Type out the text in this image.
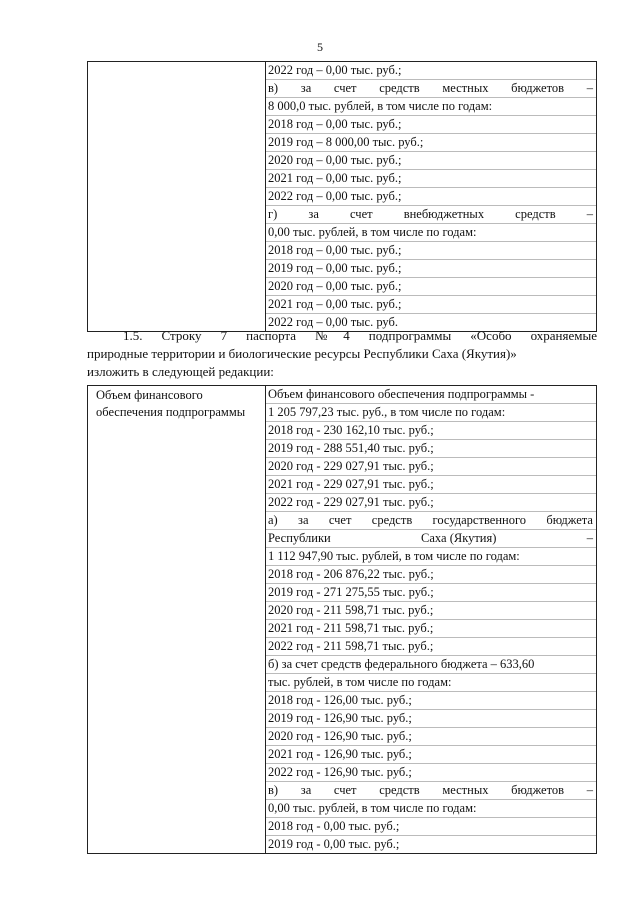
5

2022 год – 0,00 тыс. руб.;
в) за счет средств местных бюджетов –
8 000,0 тыс. рублей, в том числе по годам:
2018 год – 0,00 тыс. руб.;
2019 год – 8 000,00 тыс. руб.;
2020 год – 0,00 тыс. руб.;
2021 год – 0,00 тыс. руб.;
2022 год – 0,00 тыс. руб.;
г) за счет внебюджетных средств –
0,00 тыс. рублей, в том числе по годам:
2018 год – 0,00 тыс. руб.;
2019 год – 0,00 тыс. руб.;
2020 год – 0,00 тыс. руб.;
2021 год – 0,00 тыс. руб.;
2022 год – 0,00 тыс. руб.
1.5. Строку 7 паспорта №4 подпрограммы «Особо охраняемые
природные территории и биологические ресурсы Республики Саха (Якутия)»
изложить в следующей редакции:
Объем финансового обеспечения подпрограммы

Объем финансового обеспечения подпрограммы -
1 205 797,23 тыс. руб., в том числе по годам:
2018 год - 230 162,10 тыс. руб.;
2019 год - 288 551,40 тыс. руб.;
2020 год - 229 027,91 тыс. руб.;
2021 год - 229 027,91 тыс. руб.;
2022 год - 229 027,91 тыс. руб.;
а) за счет средств государственного бюджета
Республики	Саха (Якутия)	–
1 112 947,90 тыс. рублей, в том числе по годам:
2018 год - 206 876,22 тыс. руб.;
2019 год - 271 275,55 тыс. руб.;
2020 год - 211 598,71 тыс. руб.;
2021 год - 211 598,71 тыс. руб.;
2022 год - 211 598,71 тыс. руб.;
б) за счет средств федерального бюджета – 633,60
тыс. рублей, в том числе по годам:
2018 год - 126,00 тыс. руб.;
2019 год - 126,90 тыс. руб.;
2020 год - 126,90 тыс. руб.;
2021 год - 126,90 тыс. руб.;
2022 год - 126,90 тыс. руб.;
в) за счет средств местных бюджетов –
0,00 тыс. рублей, в том числе по годам:
2018 год - 0,00 тыс. руб.;
2019 год - 0,00 тыс. руб.;
